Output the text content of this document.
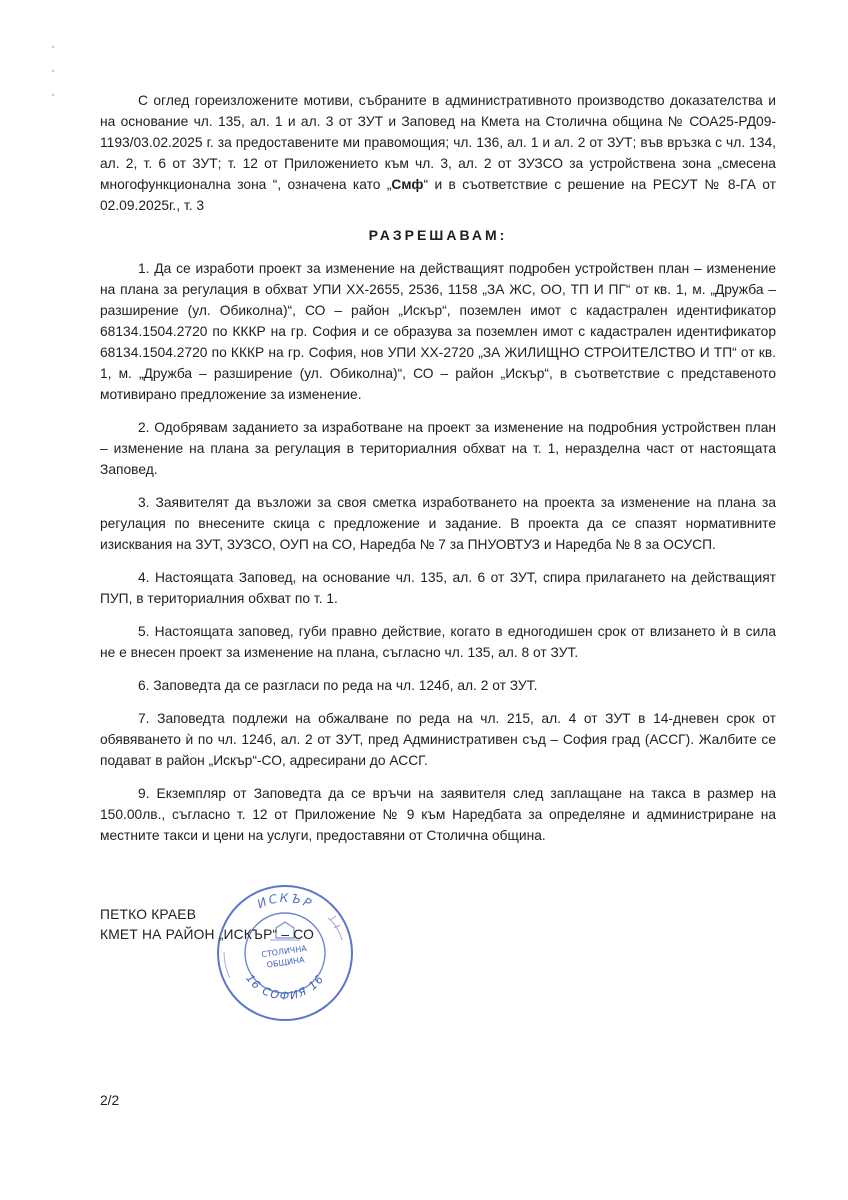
С оглед гореизложените мотиви, събраните в административното производство доказателства и на основание чл. 135, ал. 1 и ал. 3 от ЗУТ и Заповед на Кмета на Столична община № СОА25-РД09-1193/03.02.2025 г. за предоставените ми правомощия; чл. 136, ал. 1 и ал. 2 от ЗУТ; във връзка с чл. 134, ал. 2, т. 6 от ЗУТ; т. 12 от Приложението към чл. 3, ал. 2 от ЗУЗСО за устройствена зона „смесена многофункционална зона “, означена като „Смф“ и в съответствие с решение на РЕСУТ № 8-ГА от 02.09.2025г., т. 3

РАЗРЕШАВАМ:

1. Да се изработи проект за изменение на действащият подробен устройствен план – изменение на плана за регулация в обхват УПИ ХХ-2655, 2536, 1158 „ЗА ЖС, ОО, ТП И ПГ“ от кв. 1, м. „Дружба – разширение (ул. Обиколна)“, СО – район „Искър“, поземлен имот с кадастрален идентификатор 68134.1504.2720 по КККР на гр. София и се образува за поземлен имот с кадастрален идентификатор 68134.1504.2720 по КККР на гр. София, нов УПИ ХХ-2720 „ЗА ЖИЛИЩНО СТРОИТЕЛСТВО И ТП“ от кв. 1, м. „Дружба – разширение (ул. Обиколна)“, СО – район „Искър“, в съответствие с представеното мотивирано предложение за изменение.

2. Одобрявам заданието за изработване на проект за изменение на подробния устройствен план – изменение на плана за регулация в териториалния обхват на т. 1, неразделна част от настоящата Заповед.

3. Заявителят да възложи за своя сметка изработването на проекта за изменение на плана за регулация по внесените скица с предложение и задание. В проекта да се спазят нормативните изисквания на ЗУТ, ЗУЗСО, ОУП на СО, Наредба № 7 за ПНУОВТУЗ и Наредба № 8 за ОСУСП.

4. Настоящата Заповед, на основание чл. 135, ал. 6 от ЗУТ, спира прилагането на действащият ПУП, в териториалния обхват по т. 1.

5. Настоящата заповед, губи правно действие, когато в едногодишен срок от влизането ѝ в сила не е внесен проект за изменение на плана, съгласно чл. 135, ал. 8 от ЗУТ.

6. Заповедта да се разгласи по реда на чл. 124б, ал. 2 от ЗУТ.

7. Заповедта подлежи на обжалване по реда на чл. 215, ал. 4 от ЗУТ в 14-дневен срок от обявяването ѝ по чл. 124б, ал. 2 от ЗУТ, пред Административен съд – София град (АССГ). Жалбите се подават в район „Искър“-СО, адресирани до АССГ.

9. Екземпляр от Заповедта да се връчи на заявителя след заплащане на такса в размер на 150.00лв., съгласно т. 12 от Приложение № 9 към Наредбата за определяне и администриране на местните такси и цени на услуги, предоставяни от Столична община.

ИСКЪР
СТОЛИЧНА
ОБЩИНА
16 СОФИЯ 16
ПЕТКО КРАЕВ
КМЕТ НА РАЙОН „ИСКЪР“ – СО
2/2
